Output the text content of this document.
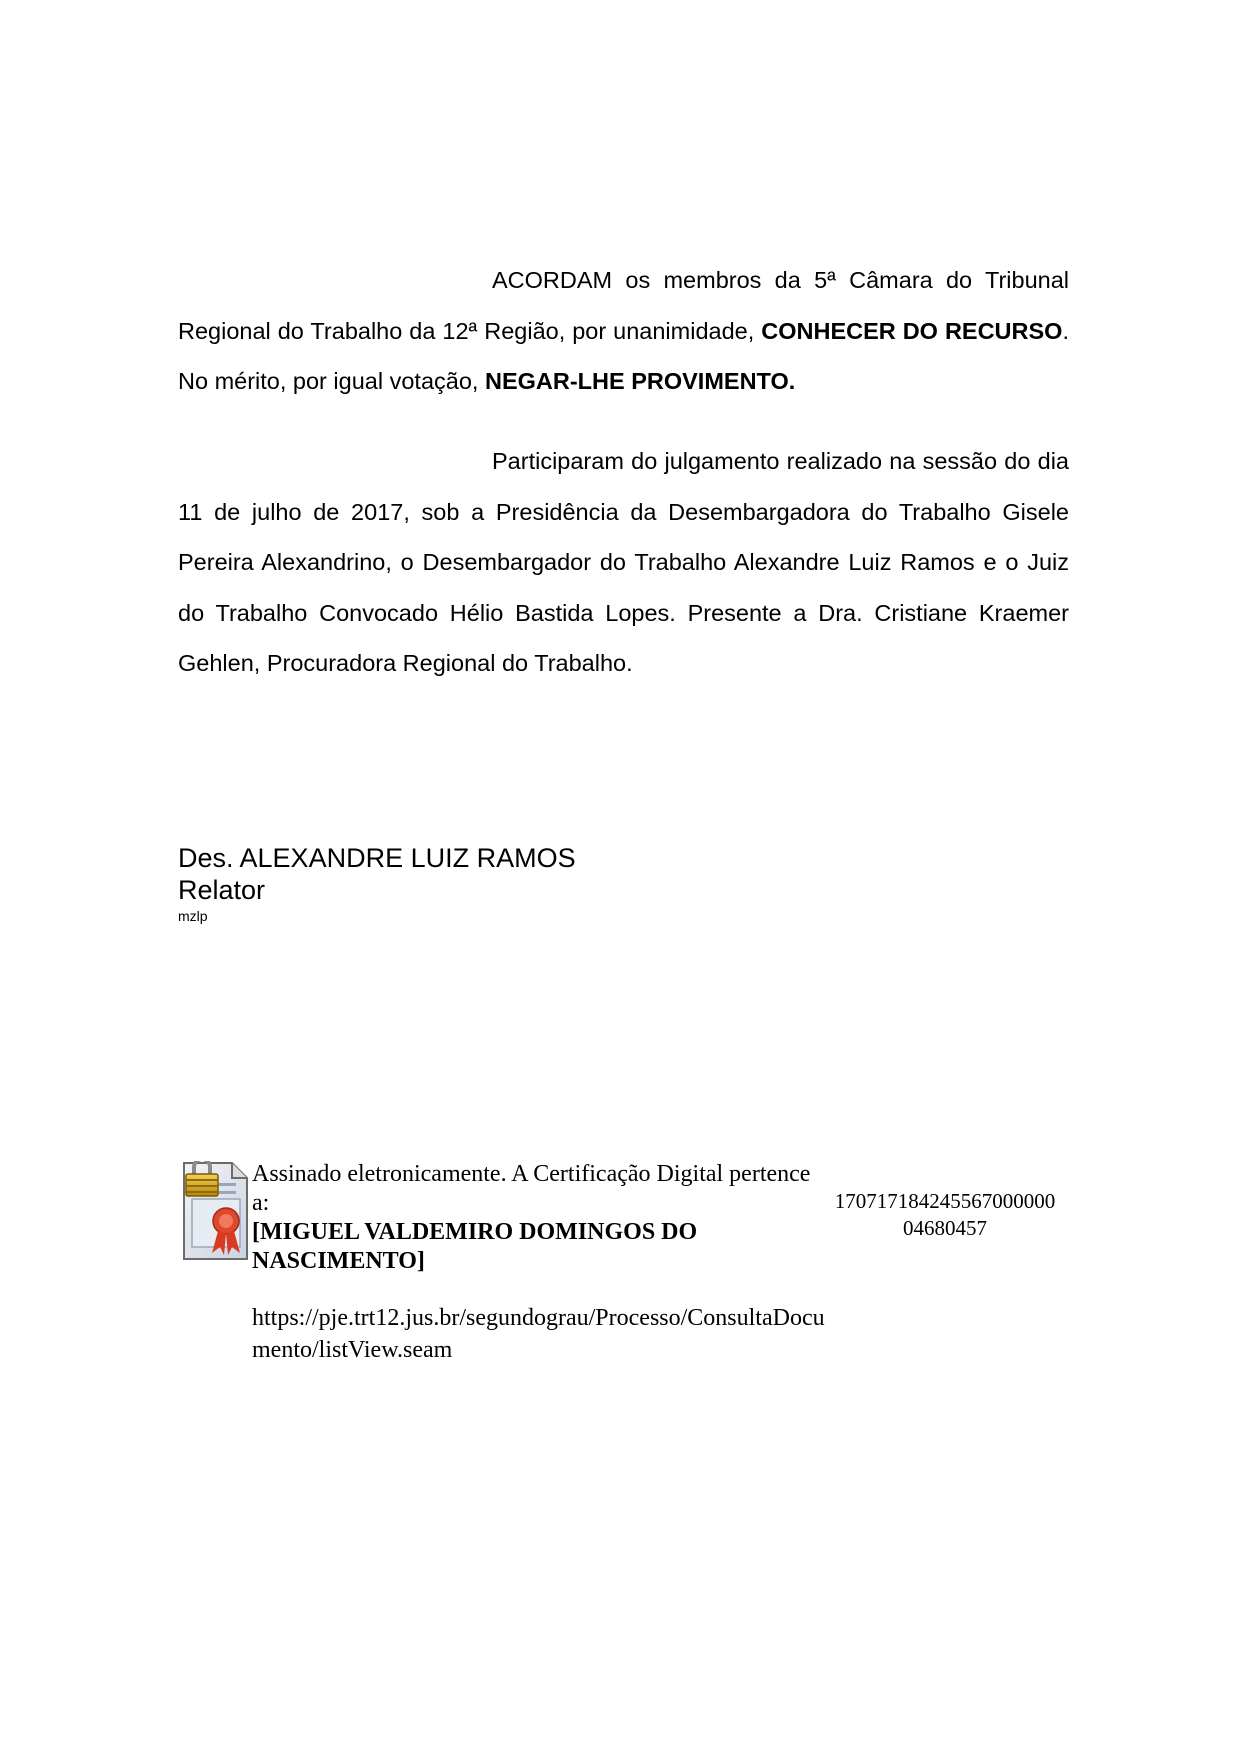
ACORDAM os membros da 5ª Câmara do Tribunal Regional do Trabalho da 12ª Região, por unanimidade, CONHECER DO RECURSO. No mérito, por igual votação, NEGAR-LHE PROVIMENTO.

Participaram do julgamento realizado na sessão do dia 11 de julho de 2017, sob a Presidência da Desembargadora do Trabalho Gisele Pereira Alexandrino, o Desembargador do Trabalho Alexandre Luiz Ramos e o Juiz do Trabalho Convocado Hélio Bastida Lopes. Presente a Dra. Cristiane Kraemer Gehlen, Procuradora Regional do Trabalho.

Des. ALEXANDRE LUIZ RAMOS
Relator
mzlp
Assinado eletronicamente. A Certificação Digital pertence a:
[MIGUEL VALDEMIRO DOMINGOS DO NASCIMENTO]
17071718424556700000004680457
https://pje.trt12.jus.br/segundograu/Processo/ConsultaDocumento/listView.seam
